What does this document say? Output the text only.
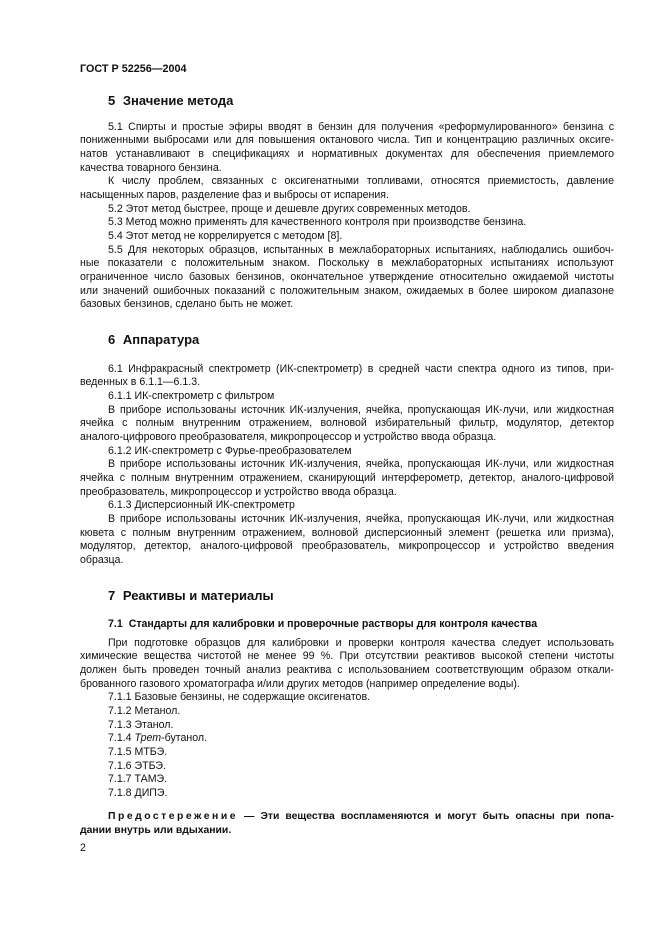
ГОСТ Р 52256—2004
5 Значение метода
5.1 Спирты и простые эфиры вводят в бензин для получения «реформулированного» бензина с
пониженными выбросами или для повышения октанового числа. Тип и концентрацию различных оксиге-
натов устанавливают в спецификациях и нормативных документах для обеспечения приемлемого
качества товарного бензина.
К числу проблем, связанных с оксигенатными топливами, относятся приемистость, давление
насыщенных паров, разделение фаз и выбросы от испарения.
5.2 Этот метод быстрее, проще и дешевле других современных методов.
5.3 Метод можно применять для качественного контроля при производстве бензина.
5.4 Этот метод не коррелируется с методом [8].
5.5 Для некоторых образцов, испытанных в межлабораторных испытаниях, наблюдались ошибоч-
ные показатели с положительным знаком. Поскольку в межлабораторных испытаниях используют
ограниченное число базовых бензинов, окончательное утверждение относительно ожидаемой чистоты
или значений ошибочных показаний с положительным знаком, ожидаемых в более широком диапазоне
базовых бензинов, сделано быть не может.
6 Аппаратура
6.1 Инфракрасный спектрометр (ИК-спектрометр) в средней части спектра одного из типов, при-
веденных в 6.1.1—6.1.3.
6.1.1 ИК-спектрометр с фильтром
В приборе использованы источник ИК-излучения, ячейка, пропускающая ИК-лучи, или жидкостная
ячейка с полным внутренним отражением, волновой избирательный фильтр, модулятор, детектор
аналого-цифрового преобразователя, микропроцессор и устройство ввода образца.
6.1.2 ИК-спектрометр с Фурье-преобразователем
В приборе использованы источник ИК-излучения, ячейка, пропускающая ИК-лучи, или жидкостная
ячейка с полным внутренним отражением, сканирующий интерферометр, детектор, аналого-цифровой
преобразователь, микропроцессор и устройство ввода образца.
6.1.3 Дисперсионный ИК-спектрометр
В приборе использованы источник ИК-излучения, ячейка, пропускающая ИК-лучи, или жидкостная
кювета с полным внутренним отражением, волновой дисперсионный элемент (решетка или призма),
модулятор, детектор, аналого-цифровой преобразователь, микропроцессор и устройство введения
образца.
7 Реактивы и материалы
7.1 Стандарты для калибровки и проверочные растворы для контроля качества
При подготовке образцов для калибровки и проверки контроля качества следует использовать
химические вещества чистотой не менее 99 %. При отсутствии реактивов высокой степени чистоты
должен быть проведен точный анализ реактива с использованием соответствующим образом откали-
брованного газового хроматографа и/или других методов (например определение воды).
7.1.1 Базовые бензины, не содержащие оксигенатов.
7.1.2 Метанол.
7.1.3 Этанол.
7.1.4 Трет-бутанол.
7.1.5 МТБЭ.
7.1.6 ЭТБЭ.
7.1.7 ТАМЭ.
7.1.8 ДИПЭ.
Предостережение — Эти вещества воспламеняются и могут быть опасны при попа-
дании внутрь или вдыхании.
2
